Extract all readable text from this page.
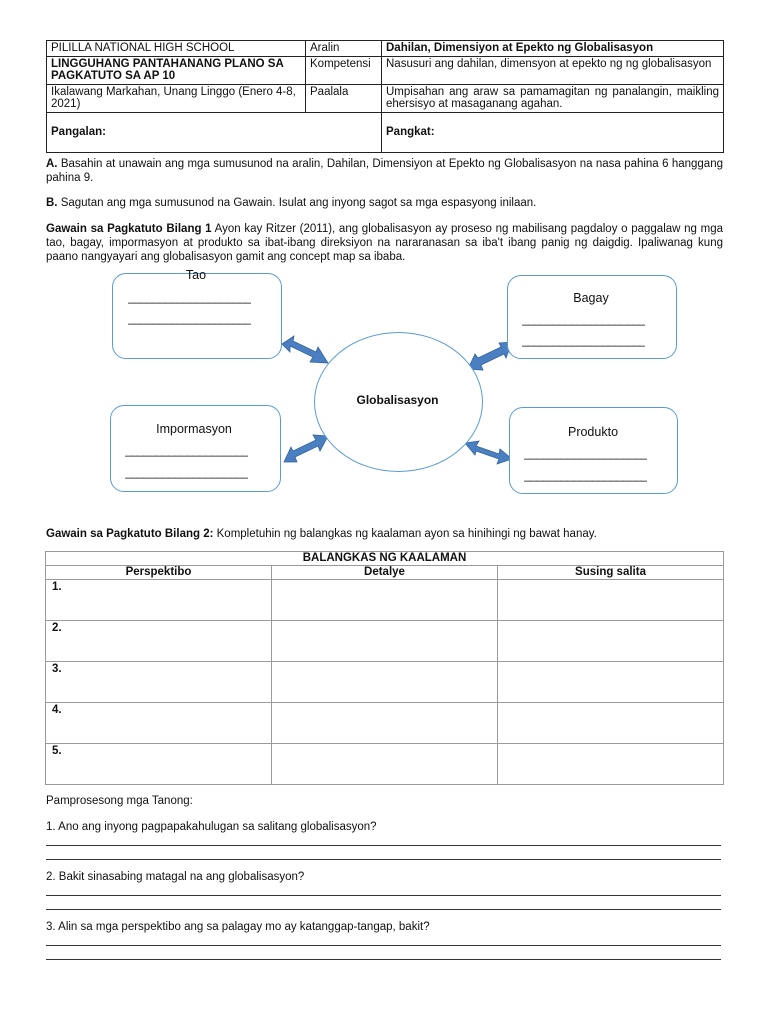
PILILLA NATIONAL HIGH SCHOOL	Aralin	Dahilan, Dimensiyon at Epekto ng Globalisasyon
LINGGUHANG PANTAHANANG PLANO SA PAGKATUTO SA AP 10	Kompetensi	Nasusuri ang dahilan, dimensyon at epekto ng ng globalisasyon
Ikalawang Markahan, Unang Linggo (Enero 4-8, 2021)	Paalala	Umpisahan ang araw sa pamamagitan ng panalangin, maikling ehersisyo at masaganang agahan.
Pangalan:		Pangkat:
A. Basahin at unawain ang mga sumusunod na aralin, Dahilan, Dimensiyon at Epekto ng Globalisasyon na nasa pahina 6 hanggang pahina 9.
B. Sagutan ang mga sumusunod na Gawain. Isulat ang inyong sagot sa mga espasyong inilaan.
Gawain sa Pagkatuto Bilang 1 Ayon kay Ritzer (2011), ang globalisasyon ay proseso ng mabilisang pagdaloy o paggalaw ng mga tao, bagay, impormasyon at produkto sa ibat-ibang direksiyon na nararanasan sa iba't ibang panig ng daigdig. Ipaliwanag kung paano nangyayari ang globalisasyon gamit ang concept map sa ibaba.
Globalisasyon
Tao
____________________
____________________
Bagay
____________________
____________________
Impormasyon
____________________
____________________
Produkto
____________________
____________________
Gawain sa Pagkatuto Bilang 2: Kompletuhin ng balangkas ng kaalaman ayon sa hinihingi ng bawat hanay.
BALANGKAS NG KAALAMAN		
Perspektibo	Detalye	Susing salita
1.		
2.		
3.		
4.		
5.		
Pamprosesong mga Tanong:
1. Ano ang inyong pagpapakahulugan sa salitang globalisasyon?
2. Bakit sinasabing matagal na ang globalisasyon?
3. Alin sa mga perspektibo ang sa palagay mo ay katanggap-tangap, bakit?
